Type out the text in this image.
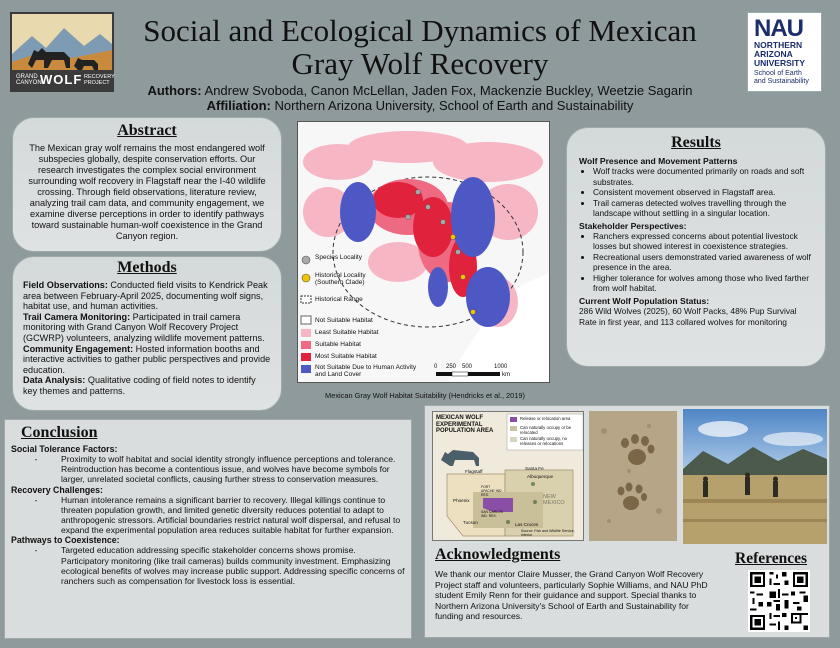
GRAND
CANYON
WOLF RECOVERY
PROJECT
Social and Ecological Dynamics of Mexican
Gray Wolf Recovery
Authors: Andrew Svoboda, Canon McLellan, Jaden Fox, Mackenzie Buckley, Weetzie Sagarin
Affiliation: Northern Arizona University, School of Earth and Sustainability
NAU
NORTHERN
ARIZONA
UNIVERSITY
School of Earth
and Sustainability
Abstract
The Mexican gray wolf remains the most endangered wolf subspecies globally, despite conservation efforts. Our research investigates the complex social environment surrounding wolf recovery in Flagstaff near the I-40 wildlife crossing. Through field observations, literature review, analyzing trail cam data, and community engagement, we examine diverse perceptions in order to identify pathways toward sustainable human-wolf coexistence in the Grand Canyon region.
Methods

Field Observations: Conducted field visits to Kendrick Peak area between February-April 2025, documenting wolf signs, habitat use, and human activities.

Trail Camera Monitoring: Participated in trail camera monitoring with Grand Canyon Wolf Recovery Project (GCWRP) volunteers, analyzing wildlife movement patterns.

Community Engagement: Hosted information booths and interactive activities to gather public perspectives and provide education.

Data Analysis: Qualitative coding of field notes to identify key themes and patterns.

Species Locality
Historical Locality (Southern Clade)
Historical Range
Not Suitable Habitat
Least Suitable Habitat
Suitable Habitat
Most Suitable Habitat
Not Suitable Due to Human Activity and Land Cover
0 250 500	1000
km
Mexican Gray Wolf Habitat Suitability (Hendricks et al., 2019)
Results
Wolf Presence and Movement Patterns
• Wolf tracks were documented primarily on roads and soft substrates.
• Consistent movement observed in Flagstaff area.
• Trail cameras detected wolves travelling through the landscape without settling in a singular location.
Stakeholder Perspectives:
• Ranchers expressed concerns about potential livestock losses but showed interest in coexistence strategies.
• Recreational users demonstrated varied awareness of wolf presence in the area.
• Higher tolerance for wolves among those who lived farther from wolf habitat.
Current Wolf Population Status:

286 Wild Wolves (2025), 60 Wolf Packs, 48% Pup Survival Rate in first year, and 113 collared wolves for monitoring

Conclusion
Social Tolerance Factors:
-	Proximity to wolf habitat and social identity strongly influence perceptions and tolerance. Reintroduction has become a contentious issue, and wolves have become symbols for larger, unrelated societal conflicts, causing further stress to conservation measures.
Recovery Challenges:
-	Human intolerance remains a significant barrier to recovery. Illegal killings continue to threaten population growth, and limited genetic diversity reduces potential to adapt to anthropogenic stressors. Artificial boundaries restrict natural wolf dispersal, and refusal to expand the experimental population area reduces suitable habitat for further expansion.
Pathways to Coexistence:
-	Targeted education addressing specific stakeholder concerns shows promise. Participatory monitoring (like trail cameras) builds community investment. Emphasizing ecological benefits of wolves may increase public support. Addressing specific concerns of ranchers such as compensation for livestock loss is essential.
MEXICAN WOLF EXPERIMENTAL POPULATION AREA
Release or relocation area
Can naturally occupy or be relocated
Can naturally occupy, no releases or relocations
Flagstaff
Santa Fe
Albuquerque
Phoenix
Tucson	Las Cruces
NEW MEXICO
FORT APACHE IND. RES.
SAN CARLOS IND. RES.
Source: Fish and Wildlife Service, Interior
Acknowledgments
We thank our mentor Claire Musser, the Grand Canyon Wolf Recovery Project staff and volunteers, particularly Sophie Williams, and NAU PhD student Emily Renn for their guidance and support. Special thanks to Northern Arizona University's School of Earth and Sustainability for funding and resources.
References
